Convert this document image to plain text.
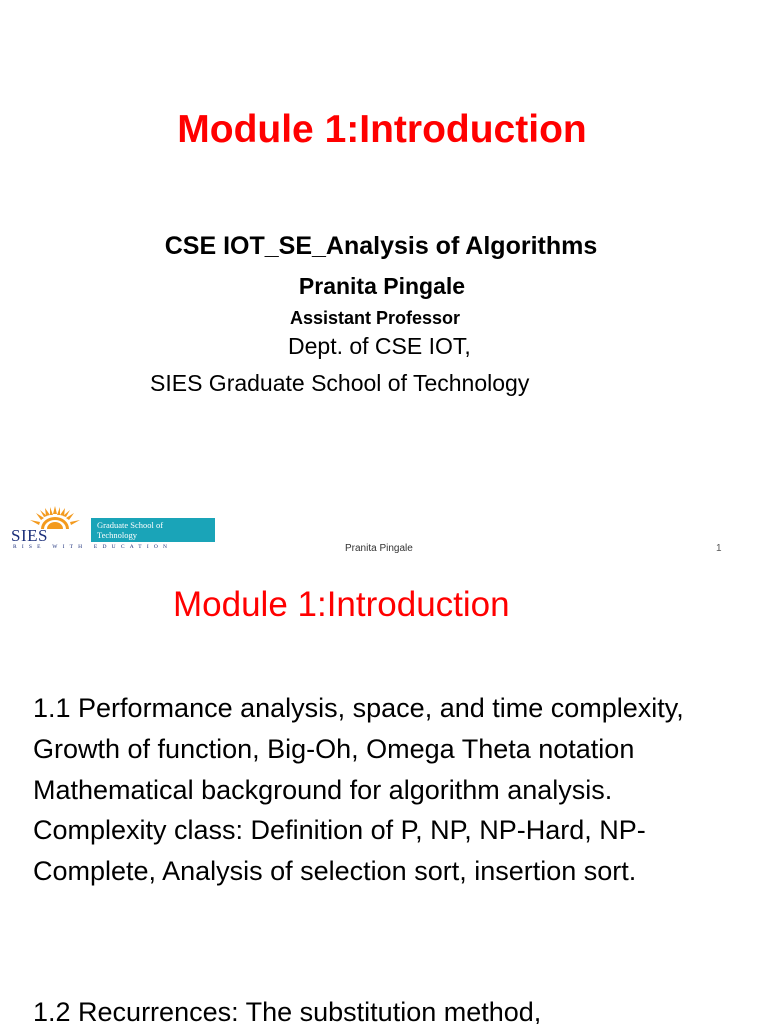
Module 1:Introduction
CSE IOT_SE_Analysis of Algorithms
Pranita Pingale
Assistant Professor
Dept. of CSE IOT,
SIES Graduate School of Technology
SIES
Graduate School of
Technology
RISE WITH EDUCATION	Pranita Pingale	1
Module 1:Introduction

1.1 Performance analysis, space, and time complexity, Growth of function, Big-Oh, Omega Theta notation Mathematical background for algorithm analysis. Complexity class: Definition of P, NP, NP-Hard, NP-Complete, Analysis of selection sort, insertion sort.

1.2 Recurrences: The substitution method,
